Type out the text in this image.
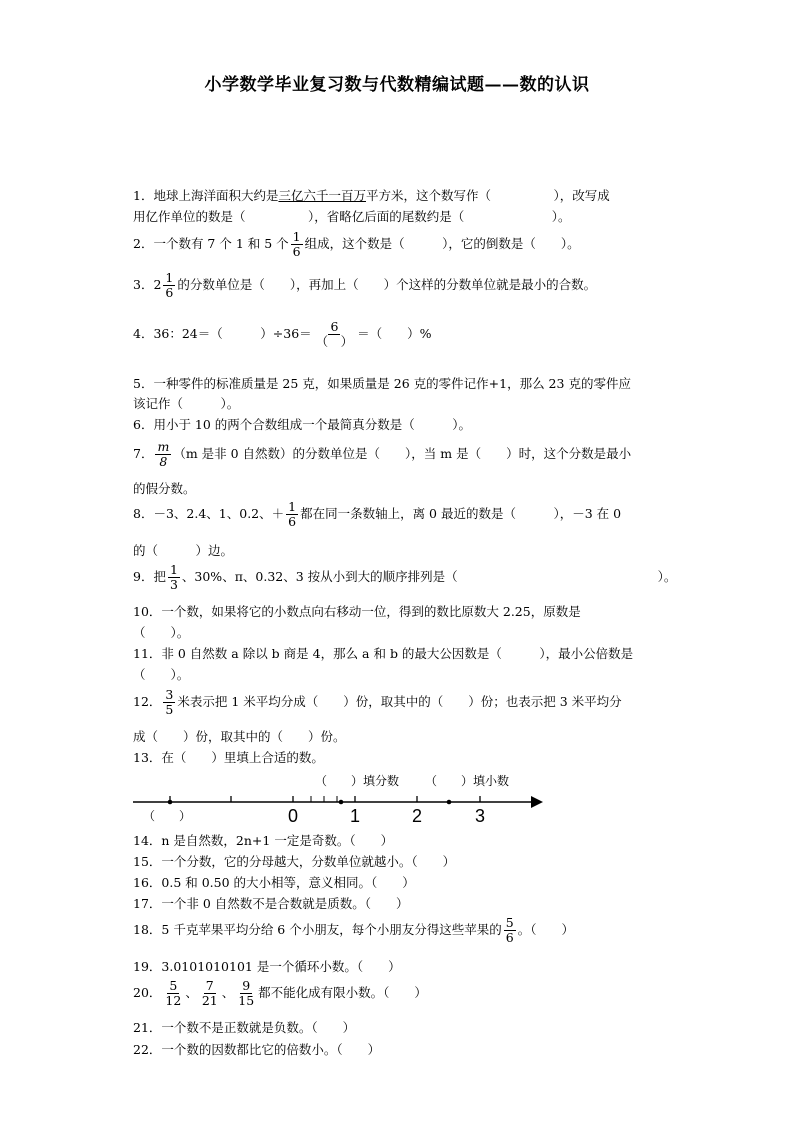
小学数学毕业复习数与代数精编试题——数的认识
1．地球上海洋面积大约是三亿六千一百万平方米，这个数写作（　　　　　），改写成
用亿作单位的数是（　　　　　），省略亿后面的尾数约是（　　　　　　　）。
2．一个数有 7 个 1 和 5 个 $\frac{1}{6}$ 组成，这个数是（　　　），它的倒数是（　　）。
3．$2 \frac{1}{6}$ 的分数单位是（　　），再加上（　　）个这样的分数单位就是最小的合数。
4．36：24＝（　　　）$\div 36= \frac{6}{( )}$ ＝（　　）%
5．一种零件的标准质量是 25 克，如果质量是 26 克的零件记作+1，那么 23 克的零件应
该记作（　　　）。
6．用小于 10 的两个合数组成一个最简真分数是（　　　）。
7． $\frac{m}{8} (m$ 是非 0 自然数）的分数单位是（　　），当 m 是（　　）时，这个分数是最小
的假分数。
8．－3、2.4、1、0.2、＋ $\frac{1}{6}$ 都在同一条数轴上，离 0 最近的数是（　　　），－3 在 0
的（　　　）边。
9．把 $\frac{1}{3}$ 、30%、π、0.32、3 按从小到大的顺序排列是（　　　　　　　　　　　　　　　　）。
10．一个数，如果将它的小数点向右移动一位，得到的数比原数大 2.25，原数是
（　　）。
11．非 0 自然数 a 除以 b 商是 4，那么 a 和 b 的最大公因数是（　　　），最小公倍数是
（　　）。
12． $\frac{3}{5}$ 米表示把 1 米平均分成（　　）份，取其中的（　　）份；也表示把 3 米平均分
成（　　）份，取其中的（　　）份。
13．在（　　）里填上合适的数。
0	1	2	3
（　　）
（　　）填分数 （　　）填小数
14．n 是自然数，2n+1 一定是奇数。（　　）
15．一个分数，它的分母越大，分数单位就越小。（　　）
16．0.5 和 0.50 的大小相等，意义相同。（　　）
17．一个非 0 自然数不是合数就是质数。（　　）
18．5 千克苹果平均分给 6 个小朋友，每个小朋友分得这些苹果的 $\frac{5}{6}$ 。（　　）
19．3.0101010101 是一个循环小数。（　　）
20． $\frac{5}{12}$ 、 $\frac{7}{21}$ 、 $\frac{9}{15}$ 都不能化成有限小数。（　　）
21．一个数不是正数就是负数。（　　）
22．一个数的因数都比它的倍数小。（　　）
